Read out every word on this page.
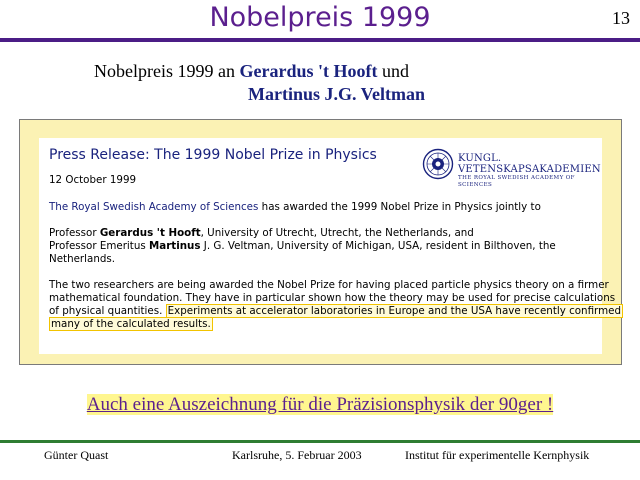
Nobelpreis 1999	13
Nobelpreis 1999 an Gerardus 't Hooft und
Martinus J.G. Veltman
Press Release: The 1999 Nobel Prize in Physics	KUNGL.
VETENSKAPSAKADEMIEN
THE ROYAL SWEDISH ACADEMY OF SCIENCES
12 October 1999
The Royal Swedish Academy of Sciences has awarded the 1999 Nobel Prize in Physics jointly to
Professor Gerardus 't Hooft, University of Utrecht, Utrecht, the Netherlands, and
Professor Emeritus Martinus J. G. Veltman, University of Michigan, USA, resident in Bilthoven, the
Netherlands.
The two researchers are being awarded the Nobel Prize for having placed particle physics theory on a firmer
mathematical foundation. They have in particular shown how the theory may be used for precise calculations
of physical quantities. Experiments at accelerator laboratories in Europe and the USA have recently confirmed
many of the calculated results.
Auch eine Auszeichnung für die Präzisionsphysik der 90ger !
Günter Quast	Karlsruhe, 5. Februar 2003	Institut für experimentelle Kernphysik
